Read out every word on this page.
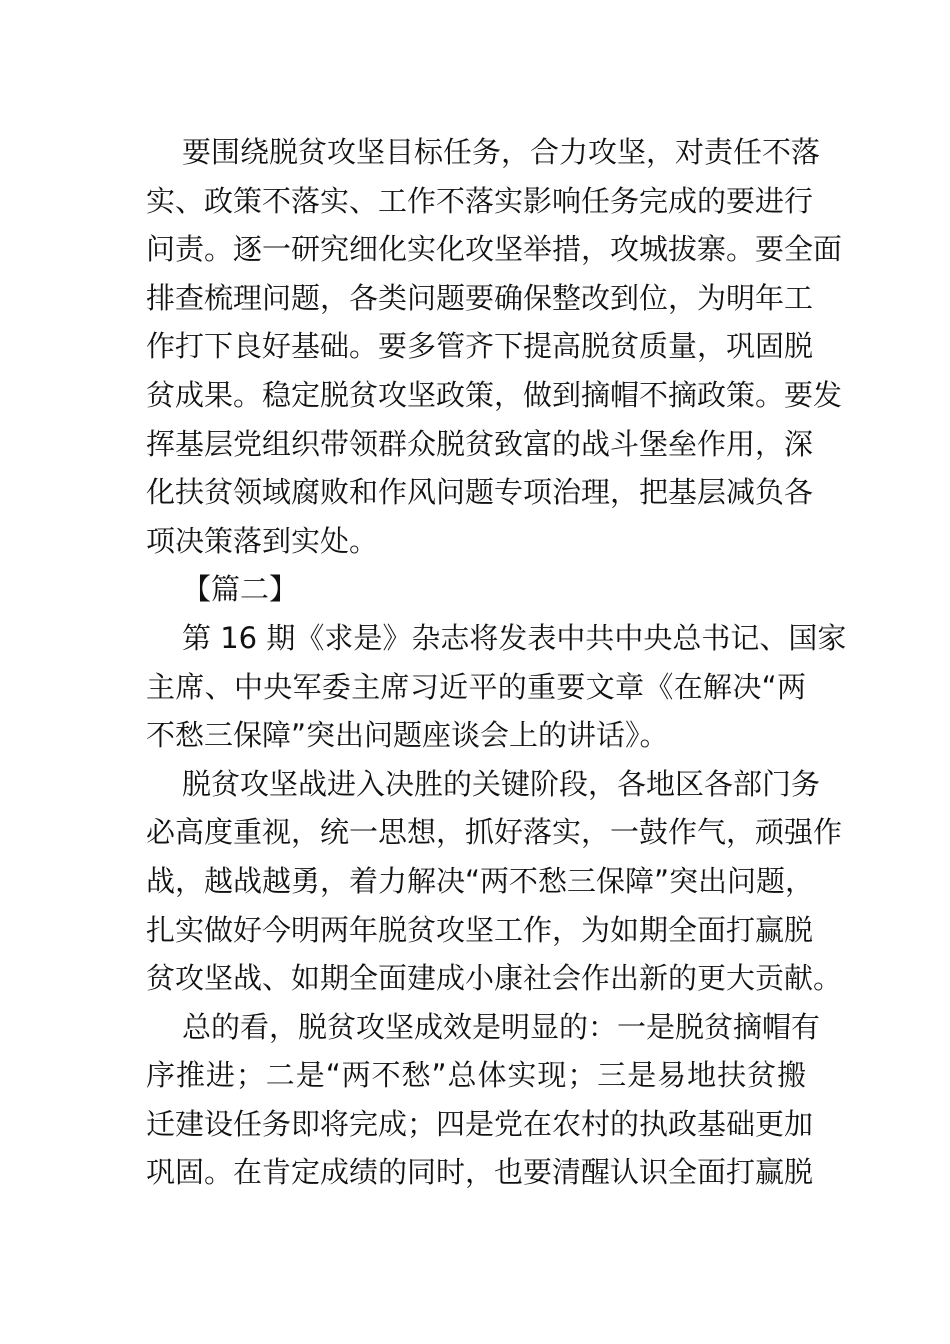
要围绕脱贫攻坚目标任务，合力攻坚，对责任不落
实、政策不落实、工作不落实影响任务完成的要进行
问责。逐一研究细化实化攻坚举措，攻城拔寨。要全面
排查梳理问题，各类问题要确保整改到位，为明年工
作打下良好基础。要多管齐下提高脱贫质量，巩固脱
贫成果。稳定脱贫攻坚政策，做到摘帽不摘政策。要发
挥基层党组织带领群众脱贫致富的战斗堡垒作用，深
化扶贫领域腐败和作风问题专项治理，把基层减负各
项决策落到实处。
【篇二】
第 16 期《求是》杂志将发表中共中央总书记、国家
主席、中央军委主席习近平的重要文章《在解决“两
不愁三保障”突出问题座谈会上的讲话》。
脱贫攻坚战进入决胜的关键阶段，各地区各部门务
必高度重视，统一思想，抓好落实，一鼓作气，顽强作
战，越战越勇，着力解决“两不愁三保障”突出问题，
扎实做好今明两年脱贫攻坚工作，为如期全面打赢脱
贫攻坚战、如期全面建成小康社会作出新的更大贡献。
总的看，脱贫攻坚成效是明显的：一是脱贫摘帽有
序推进；二是“两不愁”总体实现；三是易地扶贫搬
迁建设任务即将完成；四是党在农村的执政基础更加
巩固。在肯定成绩的同时，也要清醒认识全面打赢脱
